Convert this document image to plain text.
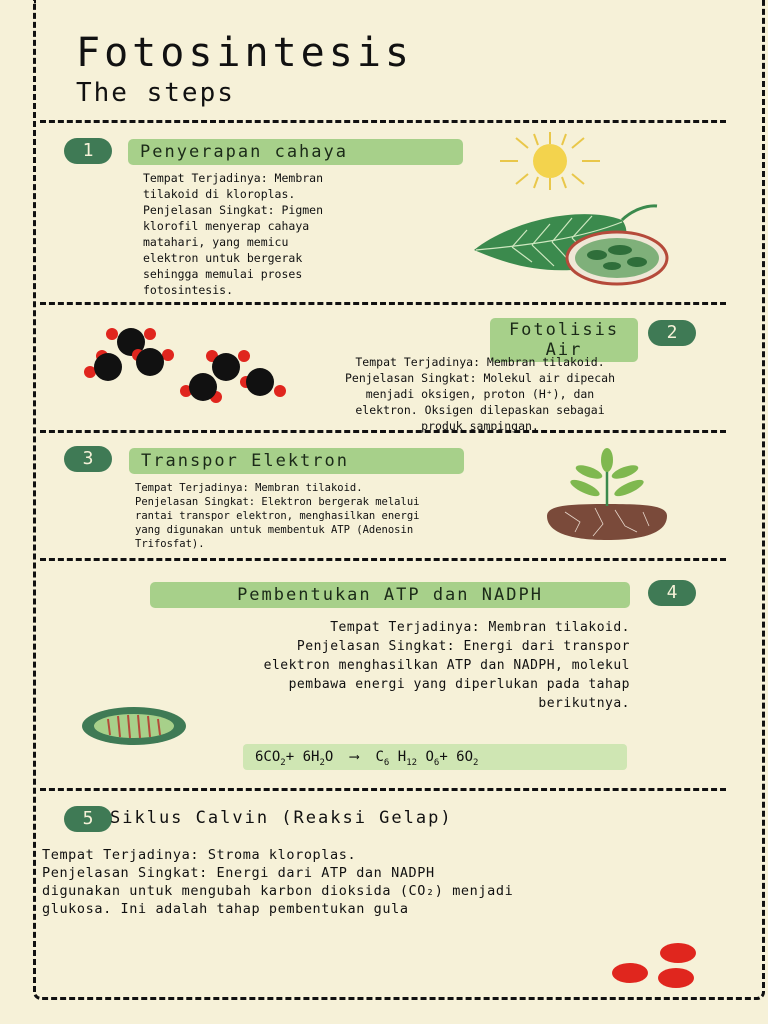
Fotosintesis
The steps
1	Penyerapan cahaya
Tempat Terjadinya: Membran
tilakoid di kloroplas.
Penjelasan Singkat: Pigmen
klorofil menyerap cahaya
matahari, yang memicu
elektron untuk bergerak
sehingga memulai proses
fotosintesis.
Fotolisis Air
2
Tempat Terjadinya: Membran tilakoid.
Penjelasan Singkat: Molekul air dipecah
menjadi oksigen, proton (H⁺), dan
elektron. Oksigen dilepaskan sebagai
produk sampingan.
3	Transpor Elektron
Tempat Terjadinya: Membran tilakoid.
Penjelasan Singkat: Elektron bergerak melalui
rantai transpor elektron, menghasilkan energi
yang digunakan untuk membentuk ATP (Adenosin
Trifosfat).
Pembentukan ATP dan NADPH	4
Tempat Terjadinya: Membran tilakoid.
Penjelasan Singkat: Energi dari transpor
elektron menghasilkan ATP dan NADPH, molekul
pembawa energi yang diperlukan pada tahap
berikutnya.
$6CO_2+ 6H_2O$ ⟶ $C_6$ $H_{12}$ $O_6+ 6O_2$
5 Siklus Calvin (Reaksi Gelap)
Tempat Terjadinya: Stroma kloroplas.
Penjelasan Singkat: Energi dari ATP dan NADPH
digunakan untuk mengubah karbon dioksida (CO₂) menjadi
glukosa. Ini adalah tahap pembentukan gula
